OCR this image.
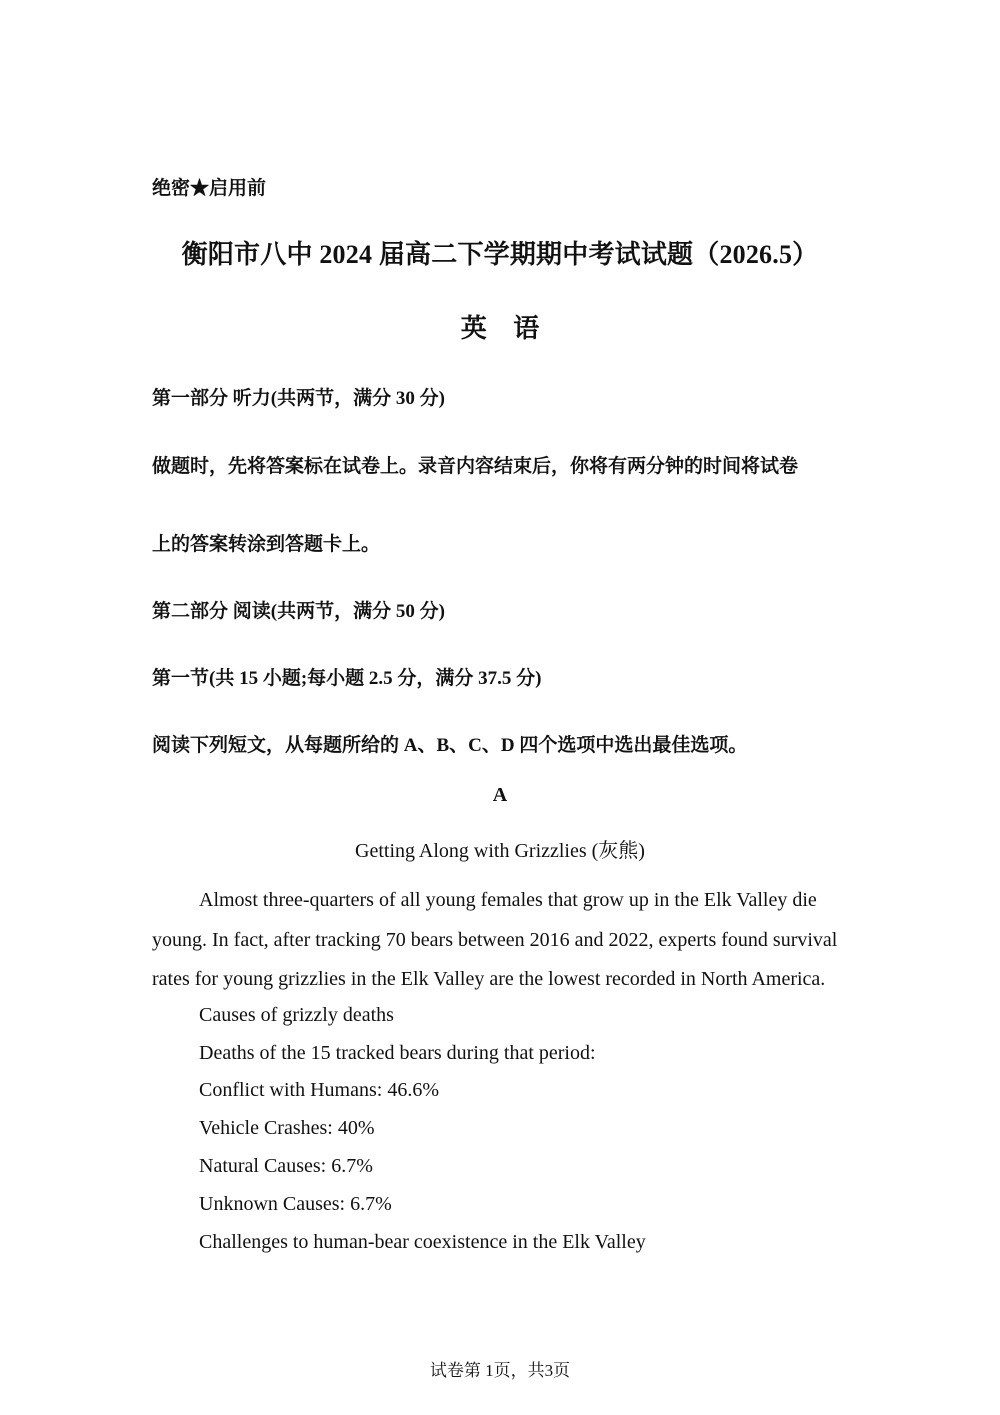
绝密★启用前

衡阳市八中 2024 届高二下学期期中考试试题（2026.5）
英 语

第一部分 听力(共两节，满分 30 分)

做题时，先将答案标在试卷上。录音内容结束后，你将有两分钟的时间将试卷

上的答案转涂到答题卡上。

第二部分 阅读(共两节，满分 50 分)

第一节(共 15 小题;每小题 2.5 分，满分 37.5 分)

阅读下列短文，从每题所给的 A、B、C、D 四个选项中选出最佳选项。

A

Getting Along with Grizzlies (灰熊)

Almost three-quarters of all young females that grow up in the Elk Valley die young. In fact, after tracking 70 bears between 2016 and 2022, experts found survival rates for young grizzlies in the Elk Valley are the lowest recorded in North America.

Causes of grizzly deaths

Deaths of the 15 tracked bears during that period:

Conflict with Humans: 46.6%

Vehicle Crashes: 40%

Natural Causes: 6.7%

Unknown Causes: 6.7%

Challenges to human-bear coexistence in the Elk Valley

试卷第 1页，共3页
